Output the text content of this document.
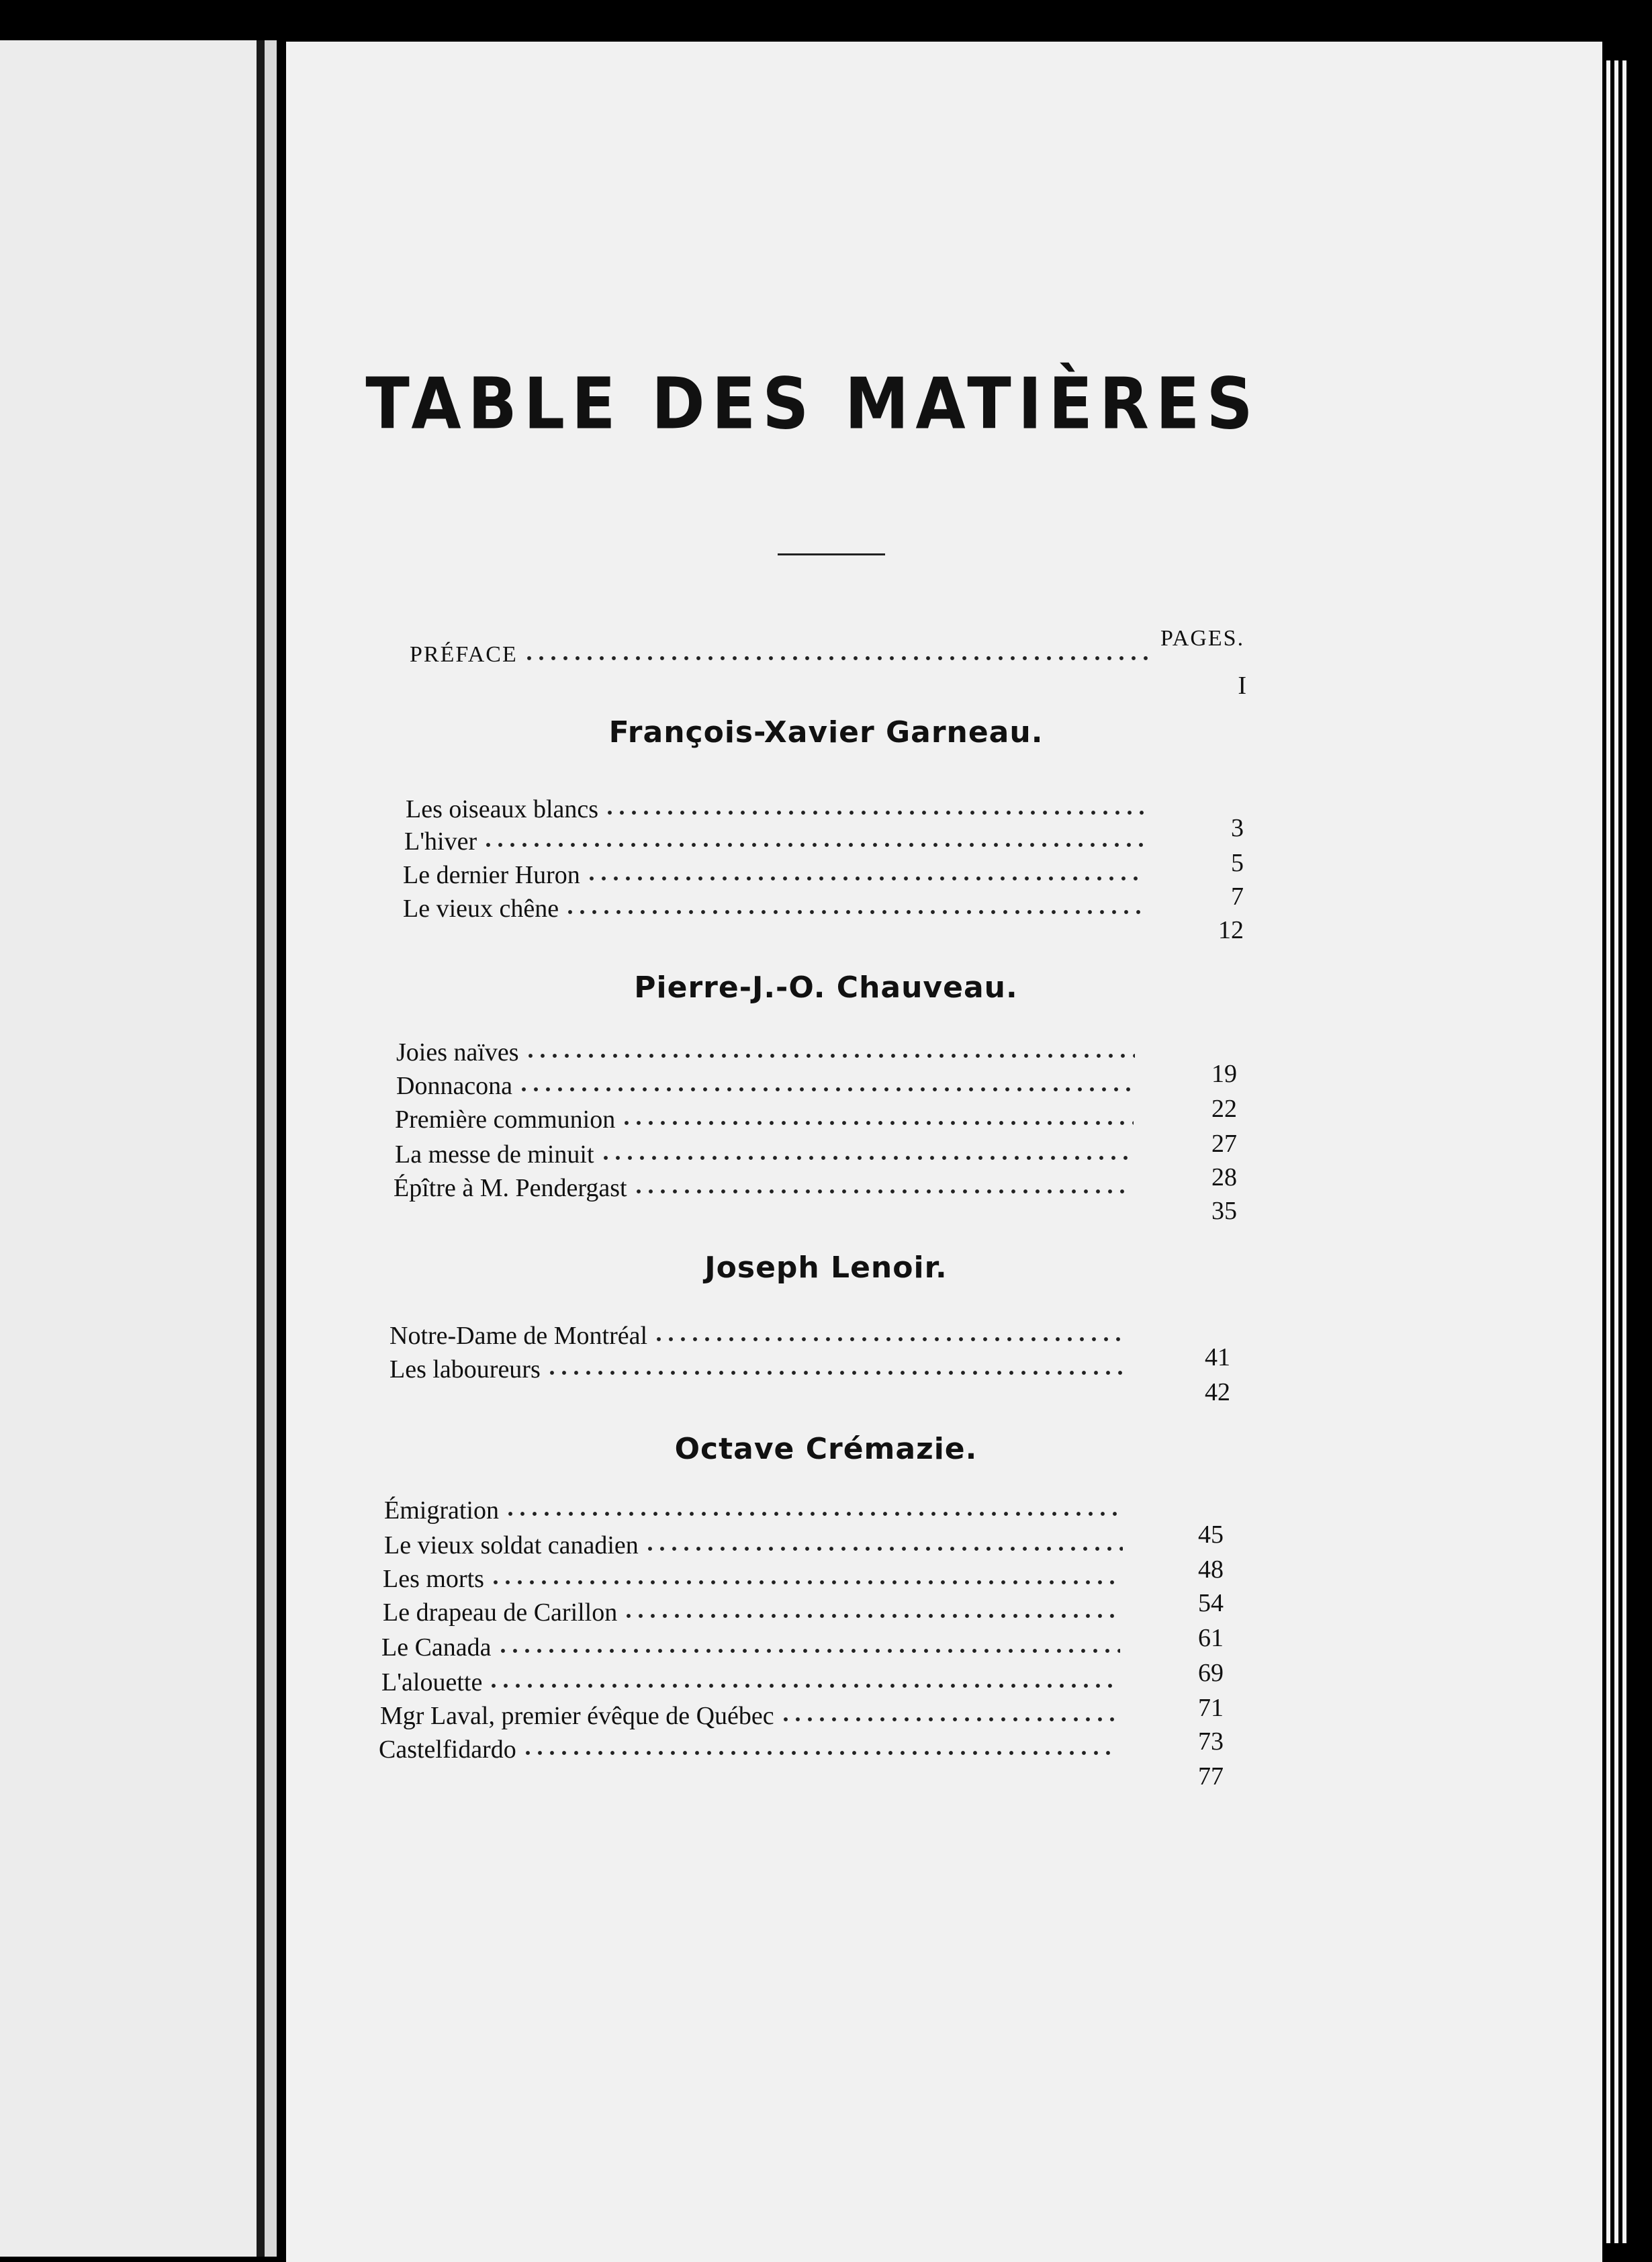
TABLE DES MATIÈRES
PAGES.
PRÉFACE
I
François-Xavier Garneau.
Les oiseaux blancs
3
L'hiver
5
Le dernier Huron
7
Le vieux chêne
12
Pierre-J.-O. Chauveau.
Joies naïves
19
Donnacona
22
Première communion
27
La messe de minuit
28
Épître à M. Pendergast
35
Joseph Lenoir.
Notre-Dame de Montréal
41
Les laboureurs
42
Octave Crémazie.
Émigration
45
Le vieux soldat canadien
48
Les morts
54
Le drapeau de Carillon
61
Le Canada
69
L'alouette
71
Mgr Laval, premier évêque de Québec
73
Castelfidardo
77
